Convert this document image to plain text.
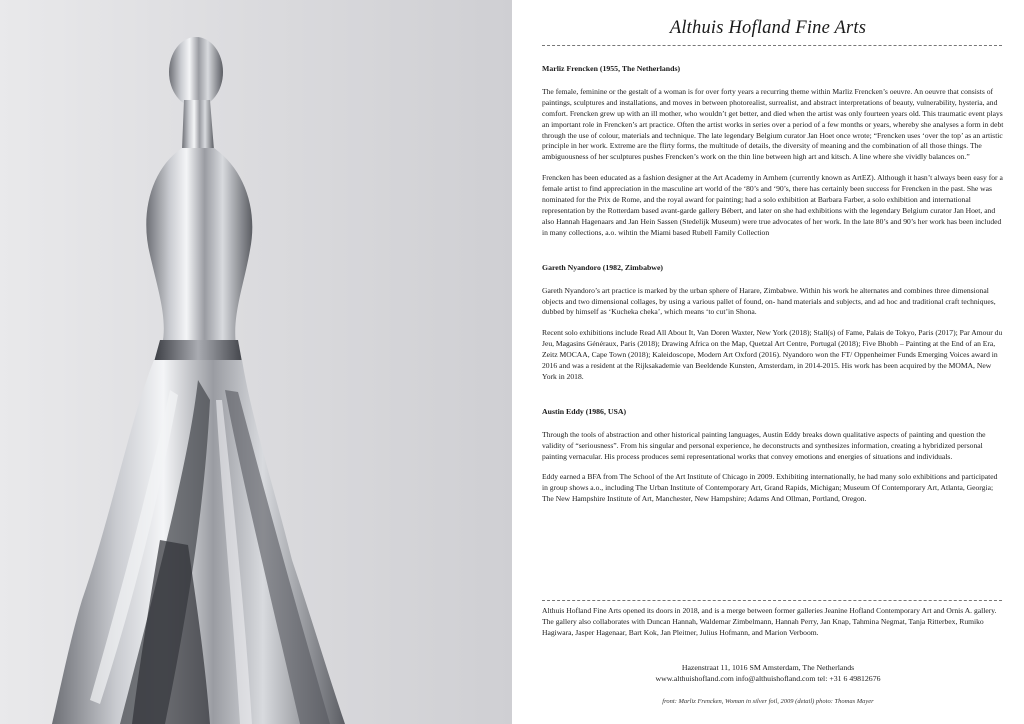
Althuis Hofland Fine Arts
Marliz Frencken (1955, The Netherlands)

The female, feminine or the gestalt of a woman is for over forty years a recurring theme within Marliz Frencken’s oeuvre. An oeuvre that consists of paintings, sculptures and installations, and moves in between photorealist, surrealist, and abstract interpretations of beauty, vulnerability, hysteria, and comfort. Frencken grew up with an ill mother, who wouldn’t get better, and died when the artist was only fourteen years old. This traumatic event plays an important role in Frencken’s art practice. Often the artist works in series over a period of a few months or years, whereby she analyses a form in debt through the use of colour, materials and technique. The late legendary Belgium curator Jan Hoet once wrote; “Frencken uses ‘over the top’ as an artistic principle in her work. Extreme are the flirty forms, the multitude of details, the diversity of meaning and the combination of all those things. The ambiguousness of her sculptures pushes Frencken’s work on the thin line between high art and kitsch. A line where she vividly balances on.”

Frencken has been educated as a fashion designer at the Art Academy in Arnhem (currently known as ArtEZ). Although it hasn’t always been easy for a female artist to find appreciation in the masculine art world of the ‘80’s and ‘90’s, there has certainly been success for Frencken in the past. She was nominated for the Prix de Rome, and the royal award for painting; had a solo exhibition at Barbara Farber, a solo exhibition and international representation by the Rotterdam based avant-garde gallery Bébert, and later on she had exhibitions with the legendary Belgium curator Jan Hoet, and also Hannah Hagenaars and Jan Hein Sassen (Stedelijk Museum) were true advocates of her work. In the late 80’s and 90’s her work has been included in many collections, a.o. wihtin the Miami based Rubell Family Collection

Gareth Nyandoro (1982, Zimbabwe)

Gareth Nyandoro’s art practice is marked by the urban sphere of Harare, Zimbabwe. Within his work he alternates and combines three dimensional objects and two dimensional collages, by using a various pallet of found, on- hand materials and subjects, and ad hoc and traditional craft techniques, dubbed by himself as ‘Kucheka cheka’, which means ‘to cut’in Shona.

Recent solo exhibitions include Read All About It, Van Doren Waxter, New York (2018); Stall(s) of Fame, Palais de Tokyo, Paris (2017); Par Amour du Jeu, Magasins Généraux, Paris (2018); Drawing Africa on the Map, Quetzal Art Centre, Portugal (2018); Five Bhobh – Painting at the End of an Era, Zeitz MOCAA, Cape Town (2018); Kaleidoscope, Modern Art Oxford (2016). Nyandoro won the FT/ Oppenheimer Funds Emerging Voices award in 2016 and was a resident at the Rijksakademie van Beeldende Kunsten, Amsterdam, in 2014-2015. His work has been acquired by the MOMA, New York in 2018.

Austin Eddy (1986, USA)

Through the tools of abstraction and other historical painting languages, Austin Eddy breaks down qualitative aspects of painting and question the validity of “seriousness”. From his singular and personal experience, he deconstructs and synthesizes information, creating a hybridized personal painting vernacular. His process produces semi representational works that convey emotions and energies of situations and individuals.

Eddy earned a BFA from The School of the Art Institute of Chicago in 2009. Exhibiting internationally, he had many solo exhibitions and participated in group shows a.o., including The Urban Institute of Contemporary Art, Grand Rapids, Michigan; Museum Of Contemporary Art, Atlanta, Georgia; The New Hampshire Institute of Art, Manchester, New Hampshire; Adams And Ollman, Portland, Oregon.

Althuis Hofland Fine Arts opened its doors in 2018, and is a merge between former galleries Jeanine Hofland Contemporary Art and Ornis A. gallery.

The gallery also collaborates with Duncan Hannah, Waldemar Zimbelmann, Hannah Perry, Jan Knap, Tahmina Negmat, Tanja Ritterbex, Rumiko Hagiwara, Jasper Hagenaar, Bart Kok, Jan Pleitner, Julius Hofmann, and Marion Verboom.

Hazenstraat 11, 1016 SM Amsterdam, The Netherlands
www.althuishofland.com info@althuishofland.com tel: +31 6 49812676
front: Marliz Frencken, Woman in silver foil, 2009 (detail) photo: Thomas Mayer
